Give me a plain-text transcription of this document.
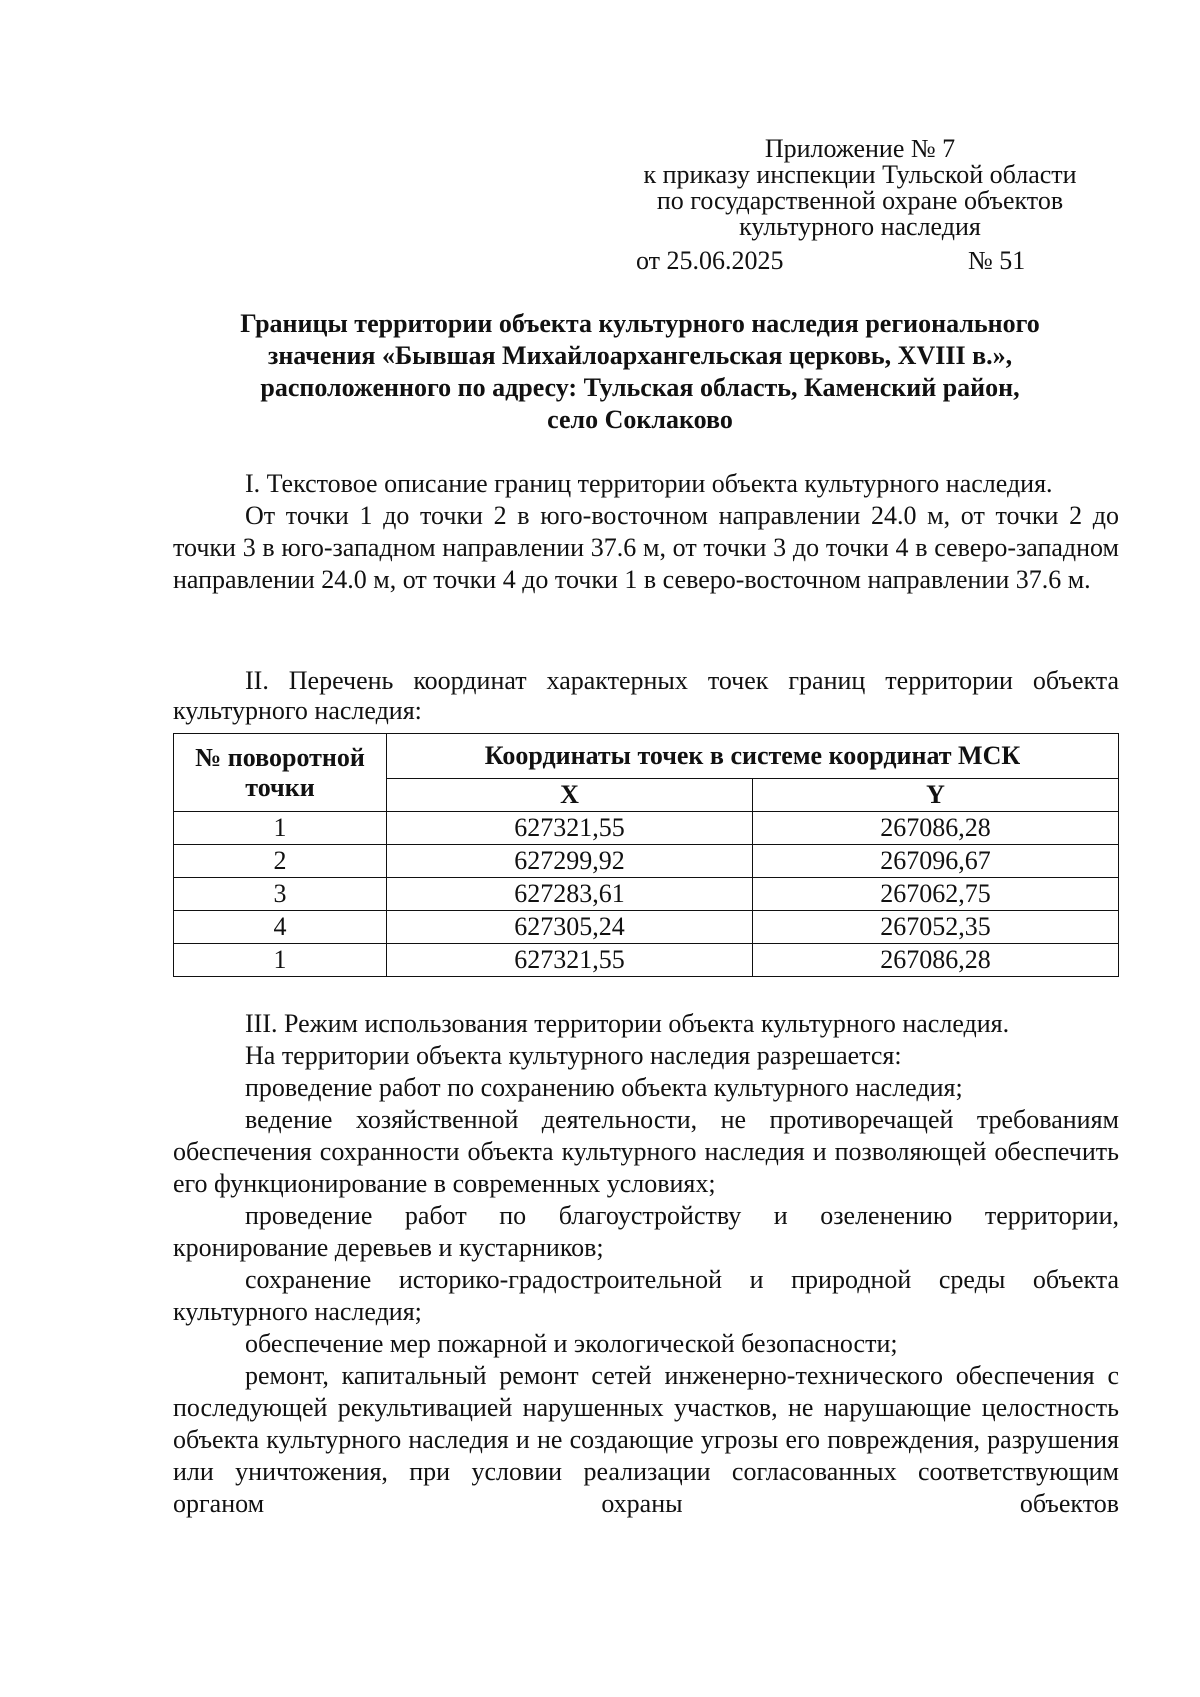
Приложение № 7
к приказу инспекции Тульской области
по государственной охране объектов
культурного наследия
от 25.06.2025	№ 51
Границы территории объекта культурного наследия регионального
значения «Бывшая Михайлоархангельская церковь, XVIII в.»,
расположенного по адресу: Тульская область, Каменский район,
село Соклаково

I. Текстовое описание границ территории объекта культурного наследия.

От точки 1 до точки 2 в юго-восточном направлении 24.0 м, от точки 2 до точки 3 в юго-западном направлении 37.6 м, от точки 3 до точки 4 в северо-западном направлении 24.0 м, от точки 4 до точки 1 в северо-восточном направлении 37.6 м.

II. Перечень координат характерных точек границ территории объекта культурного наследия:

№ поворотной точки	Координаты точек в системе координат МСК	
	X	Y
1	627321,55	267086,28
2	627299,92	267096,67
3	627283,61	267062,75
4	627305,24	267052,35
1	627321,55	267086,28

III. Режим использования территории объекта культурного наследия.

На территории объекта культурного наследия разрешается:

проведение работ по сохранению объекта культурного наследия;

ведение хозяйственной деятельности, не противоречащей требованиям обеспечения сохранности объекта культурного наследия и позволяющей обеспечить его функционирование в современных условиях;

проведение работ по благоустройству и озеленению территории, кронирование деревьев и кустарников;

сохранение историко-градостроительной и природной среды объекта культурного наследия;

обеспечение мер пожарной и экологической безопасности;

ремонт, капитальный ремонт сетей инженерно-технического обеспечения с последующей рекультивацией нарушенных участков, не нарушающие целостность объекта культурного наследия и не создающие угрозы его повреждения, разрушения или уничтожения, при условии реализации согласованных соответствующим органом охраны объектов
